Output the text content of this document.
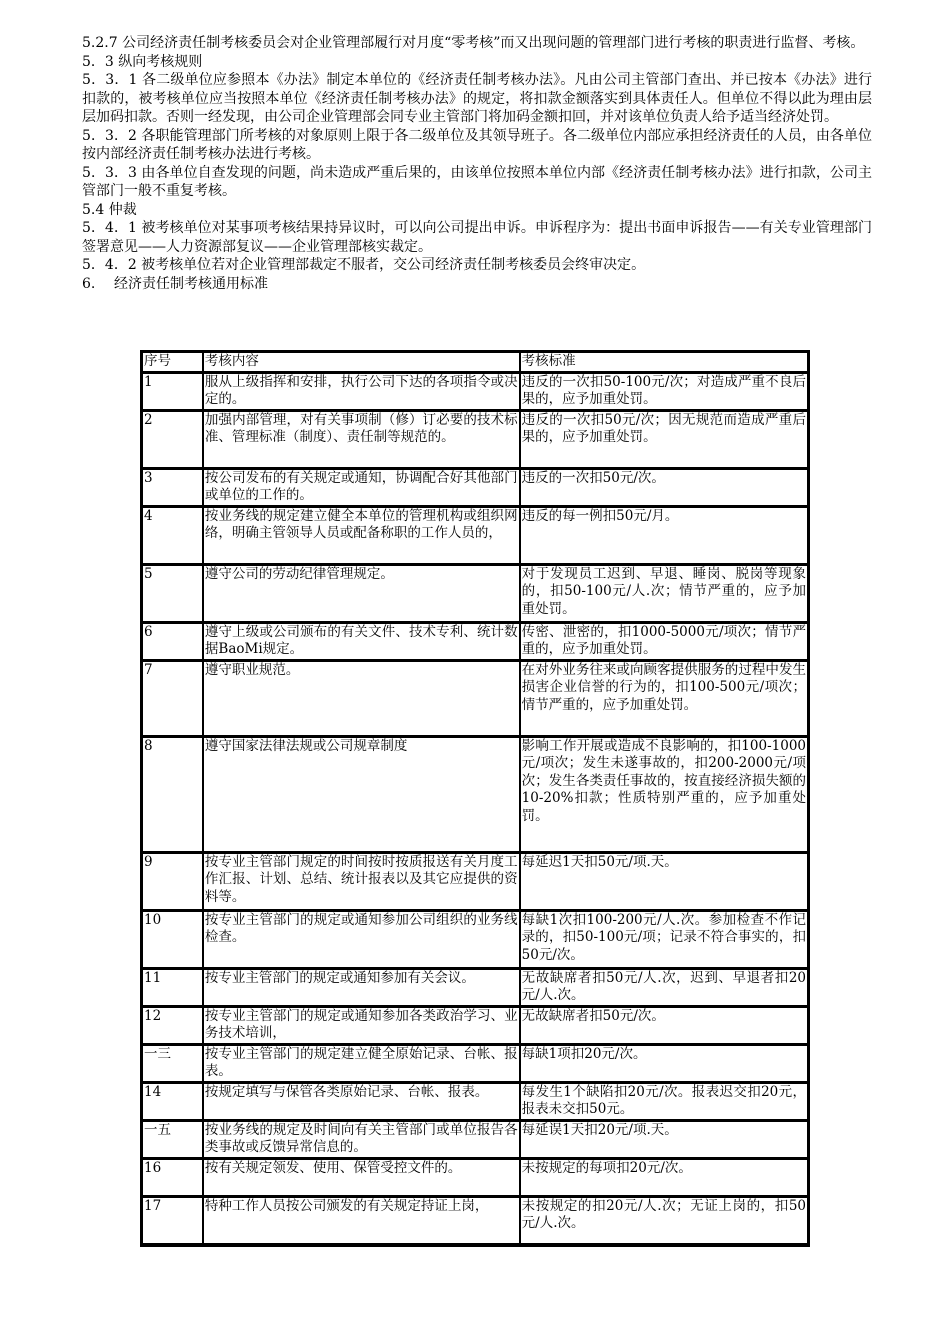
5.2.7 公司经济责任制考核委员会对企业管理部履行对月度“零考核”而又出现问题的管理部门进行考核的职责进行监督、考核。

5．3 纵向考核规则

5．3．1 各二级单位应参照本《办法》制定本单位的《经济责任制考核办法》。凡由公司主管部门查出、并已按本《办法》进行扣款的，被考核单位应当按照本单位《经济责任制考核办法》的规定，将扣款金额落实到具体责任人。但单位不得以此为理由层层加码扣款。否则一经发现，由公司企业管理部会同专业主管部门将加码金额扣回，并对该单位负责人给予适当经济处罚。

5．3．2 各职能管理部门所考核的对象原则上限于各二级单位及其领导班子。各二级单位内部应承担经济责任的人员，由各单位按内部经济责任制考核办法进行考核。

5．3．3 由各单位自查发现的问题，尚未造成严重后果的，由该单位按照本单位内部《经济责任制考核办法》进行扣款，公司主管部门一般不重复考核。

5.4 仲裁

5．4．1 被考核单位对某事项考核结果持异议时，可以向公司提出申诉。申诉程序为：提出书面申诉报告——有关专业管理部门签署意见——人力资源部复议——企业管理部核实裁定。

5．4．2 被考核单位若对企业管理部裁定不服者，交公司经济责任制考核委员会终审决定。

6. 经济责任制考核通用标准

序号	考核内容	考核标准
1	服从上级指挥和安排，执行公司下达的各项指令或决定的。	违反的一次扣50-100元/次；对造成严重不良后果的，应予加重处罚。
2	加强内部管理，对有关事项制（修）订必要的技术标准、管理标准（制度）、责任制等规范的。	违反的一次扣50元/次；因无规范而造成严重后果的，应予加重处罚。
3	按公司发布的有关规定或通知，协调配合好其他部门或单位的工作的。	违反的一次扣50元/次。
4	按业务线的规定建立健全本单位的管理机构或组织网络，明确主管领导人员或配备称职的工作人员的，	违反的每一例扣50元/月。
5	遵守公司的劳动纪律管理规定。	对于发现员工迟到、早退、睡岗、脱岗等现象的，扣50-100元/人.次；情节严重的，应予加重处罚。
6	遵守上级或公司颁布的有关文件、技术专利、统计数据BaoMi规定。	传密、泄密的，扣1000-5000元/项次；情节严重的，应予加重处罚。
7	遵守职业规范。	在对外业务往来或向顾客提供服务的过程中发生损害企业信誉的行为的，扣100-500元/项次；情节严重的，应予加重处罚。
8	遵守国家法律法规或公司规章制度	影响工作开展或造成不良影响的，扣100-1000元/项次；发生未遂事故的，扣200-2000元/项次；发生各类责任事故的，按直接经济损失额的10-20%扣款；性质特别严重的，应予加重处罚。
9	按专业主管部门规定的时间按时按质报送有关月度工作汇报、计划、总结、统计报表以及其它应提供的资料等。	每延迟1天扣50元/项.天。
10	按专业主管部门的规定或通知参加公司组织的业务线检查。	每缺1次扣100-200元/人.次。参加检查不作记录的，扣50-100元/项；记录不符合事实的，扣50元/次。
11	按专业主管部门的规定或通知参加有关会议。	无故缺席者扣50元/人.次，迟到、早退者扣20元/人.次。
12	按专业主管部门的规定或通知参加各类政治学习、业务技术培训，	无故缺席者扣50元/次。
一三	按专业主管部门的规定建立健全原始记录、台帐、报表。	每缺1项扣20元/次。
14	按规定填写与保管各类原始记录、台帐、报表。	每发生1个缺陷扣20元/次。报表迟交扣20元，报表未交扣50元。
一五	按业务线的规定及时间向有关主管部门或单位报告各类事故或反馈异常信息的。	每延误1天扣20元/项.天。
16	按有关规定领发、使用、保管受控文件的。	未按规定的每项扣20元/次。
17	特种工作人员按公司颁发的有关规定持证上岗，	未按规定的扣20元/人.次；无证上岗的，扣50元/人.次。
